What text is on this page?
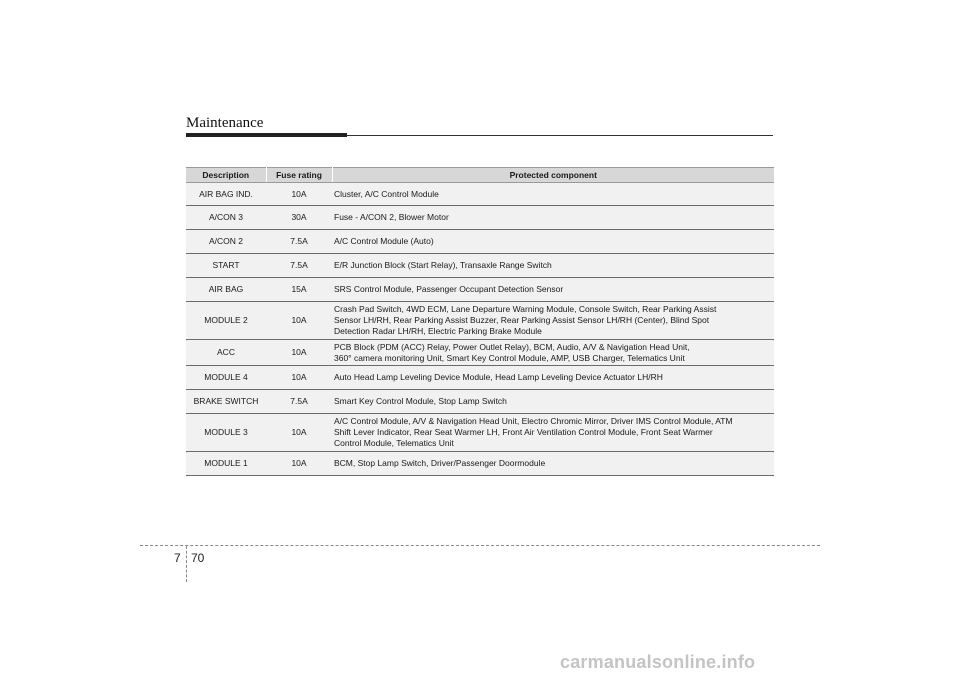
Maintenance
Description	Fuse rating	Protected component
AIR BAG IND.	10A	Cluster, A/C Control Module

A/CON 3	30A	Fuse - A/CON 2, Blower Motor

A/CON 2	7.5A	A/C Control Module (Auto)

START	7.5A	E/R Junction Block (Start Relay), Transaxle Range Switch

AIR BAG	15A	SRS Control Module, Passenger Occupant Detection Sensor

MODULE 2	10A	Crash Pad Switch, 4WD ECM, Lane Departure Warning Module, Console Switch, Rear Parking Assist
Sensor LH/RH, Rear Parking Assist Buzzer, Rear Parking Assist Sensor LH/RH (Center), Blind Spot
Detection Radar LH/RH, Electric Parking Brake Module

ACC	10A	PCB Block (PDM (ACC) Relay, Power Outlet Relay), BCM, Audio, A/V & Navigation Head Unit,
360° camera monitoring Unit, Smart Key Control Module, AMP, USB Charger, Telematics Unit

MODULE 4	10A	Auto Head Lamp Leveling Device Module, Head Lamp Leveling Device Actuator LH/RH

BRAKE SWITCH	7.5A	Smart Key Control Module, Stop Lamp Switch

MODULE 3	10A	A/C Control Module, A/V & Navigation Head Unit, Electro Chromic Mirror, Driver IMS Control Module, ATM
Shift Lever Indicator, Rear Seat Warmer LH, Front Air Ventilation Control Module, Front Seat Warmer
Control Module, Telematics Unit

MODULE 1	10A	BCM, Stop Lamp Switch, Driver/Passenger Doormodule
7 70
carmanualsonline.info
